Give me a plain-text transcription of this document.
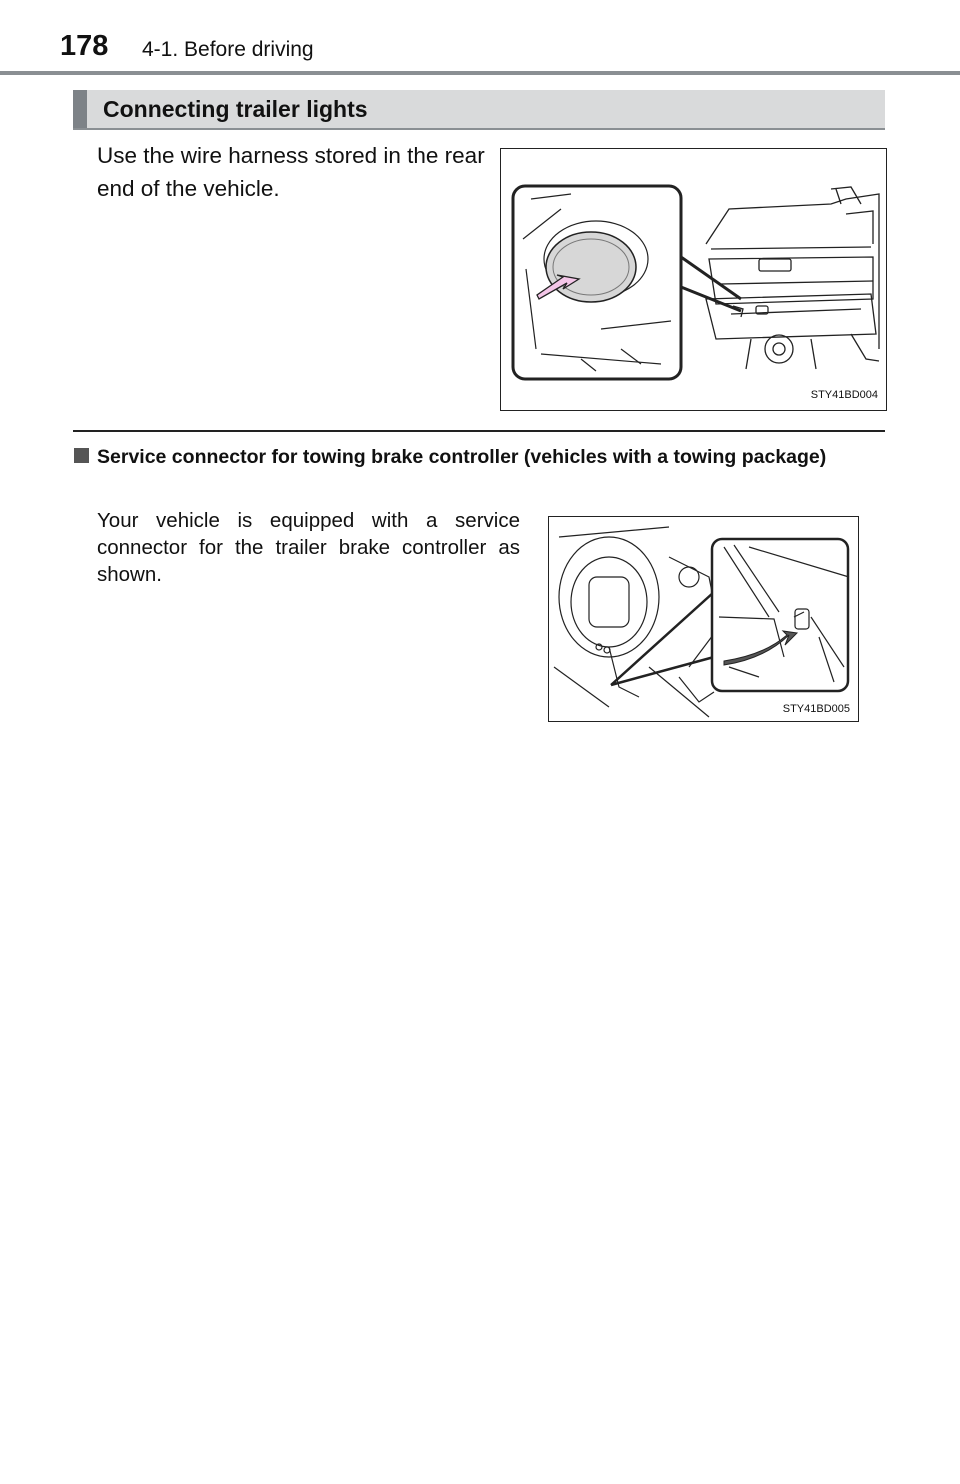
178 4-1. Before driving
Connecting trailer lights
Use the wire harness stored in the rear end of the vehicle.
STY41BD004
Service connector for towing brake controller (vehicles with a towing package)
Your vehicle is equipped with a service connector for the trailer brake controller as shown.
STY41BD005
